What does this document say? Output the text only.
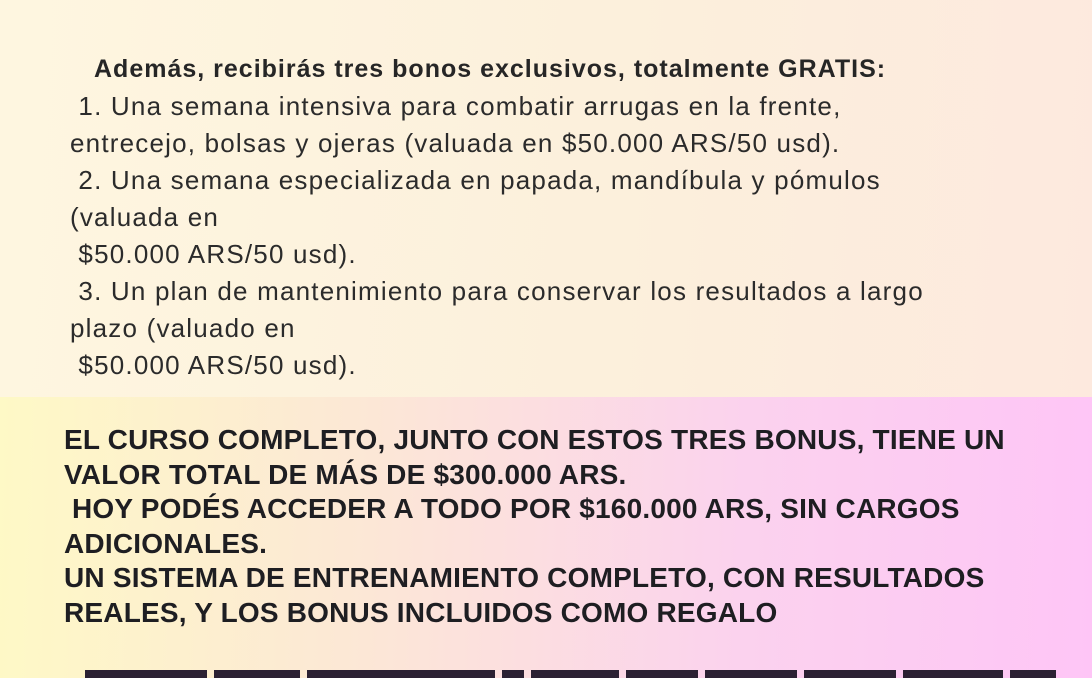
Además, recibirás tres bonos exclusivos, totalmente GRATIS:
1. Una semana intensiva para combatir arrugas en la frente,
entrecejo, bolsas y ojeras (valuada en $50.000 ARS/50 usd).
2. Una semana especializada en papada, mandíbula y pómulos
(valuada en
$50.000 ARS/50 usd).
3. Un plan de mantenimiento para conservar los resultados a largo
plazo (valuado en
$50.000 ARS/50 usd).
EL CURSO COMPLETO, JUNTO CON ESTOS TRES BONUS, TIENE UN
VALOR TOTAL DE MÁS DE $300.000 ARS.
HOY PODÉS ACCEDER A TODO POR $160.000 ARS, SIN CARGOS
ADICIONALES.
UN SISTEMA DE ENTRENAMIENTO COMPLETO, CON RESULTADOS
REALES, Y LOS BONUS INCLUIDOS COMO REGALO
